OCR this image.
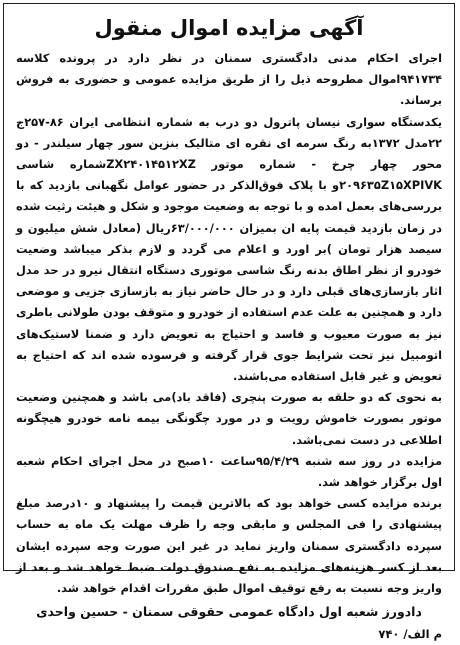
آگهی مزایده اموال منقول

اجرای احکام مدنی دادگستری سمنان در نظر دارد در پرونده کلاسه ۹۴۱۷۳۴اموال مطروحه ذیل را از طریق مزایده عمومی و حضوری به فروش برساند.

یکدستگاه سواری نیسان پاترول دو درب به شماره انتظامی ایران ۸۶-۲۵۷ج ۲۲مدل ۱۳۷۲به رنگ سرمه ای نقره ای متالیک بنزین سور چهار سیلندر - دو محور چهار چرخ - شماره موتور ZX۲۴۰۱۴۵۱۲XZشماره شاسی ۲۰۹۶۳۵Z۱۵XPIVKو با پلاک فوق‌الذکر در حضور عوامل نگهبانی بازدید که با بررسی‌های بعمل امده و با توجه به وضعیت موجود و شکل و هیئت رثیت شده در زمان بازدید قیمت پایه ان بمیزان ۶۳/۰۰۰/۰۰۰ریال (معادل شش میلیون و سیصد هزار تومان )بر اورد و اعلام می گردد و لازم بذکر میباشد وضعیت خودرو از نظر اطاق بدنه رنگ شاسی موتوری دستگاه انتقال نیرو در حد مدل اثار بازسازی‌های قبلی دارد و در حال حاضر نیاز به بازسازی جزیی و موضعی دارد و همچنین به علت عدم استفاده از خودرو و متوقف بودن طولانی باطری نیز به صورت معیوب و فاسد و احتیاج به تعویض دارد و ضمنا لاستیک‌های اتومبیل نیز تحت شرایط جوی قرار گرفته و فرسوده شده اند که احتیاج به تعویض و غیر قابل استفاده می‌باشند.

به نحوی که دو حلقه به صورت پنچری (فاقد باد)می باشد و همچنین وضعیت موتور بصورت خاموش رویت و در مورد چگونگی بیمه نامه خودرو هیچگونه اطلاعی در دست نمی‌باشد.

مزایده در روز سه شنبه ۹۵/۴/۲۹ساعت ۱۰صبح در محل اجرای احکام شعبه اول برگزار خواهد شد.

برنده مزایده کسی خواهد بود که بالاترین قیمت را پیشنهاد و ۱۰درصد مبلغ پیشنهادی را فی المجلس و مابقی وجه را ظرف مهلت یک ماه به حساب سپرده دادگستری سمنان واریز نماید در غیر این صورت وجه سپرده ایشان بعد از کسر هزینه‌های مزایده به نفع صندوق دولت ضبط خواهد شد و بعد از واریز وجه نسبت به رفع توقیف اموال طبق مقررات اقدام خواهد شد.

دادورز شعبه اول دادگاه عمومی حقوقی سمنان - حسین واحدی
م الف/ ۷۴۰
